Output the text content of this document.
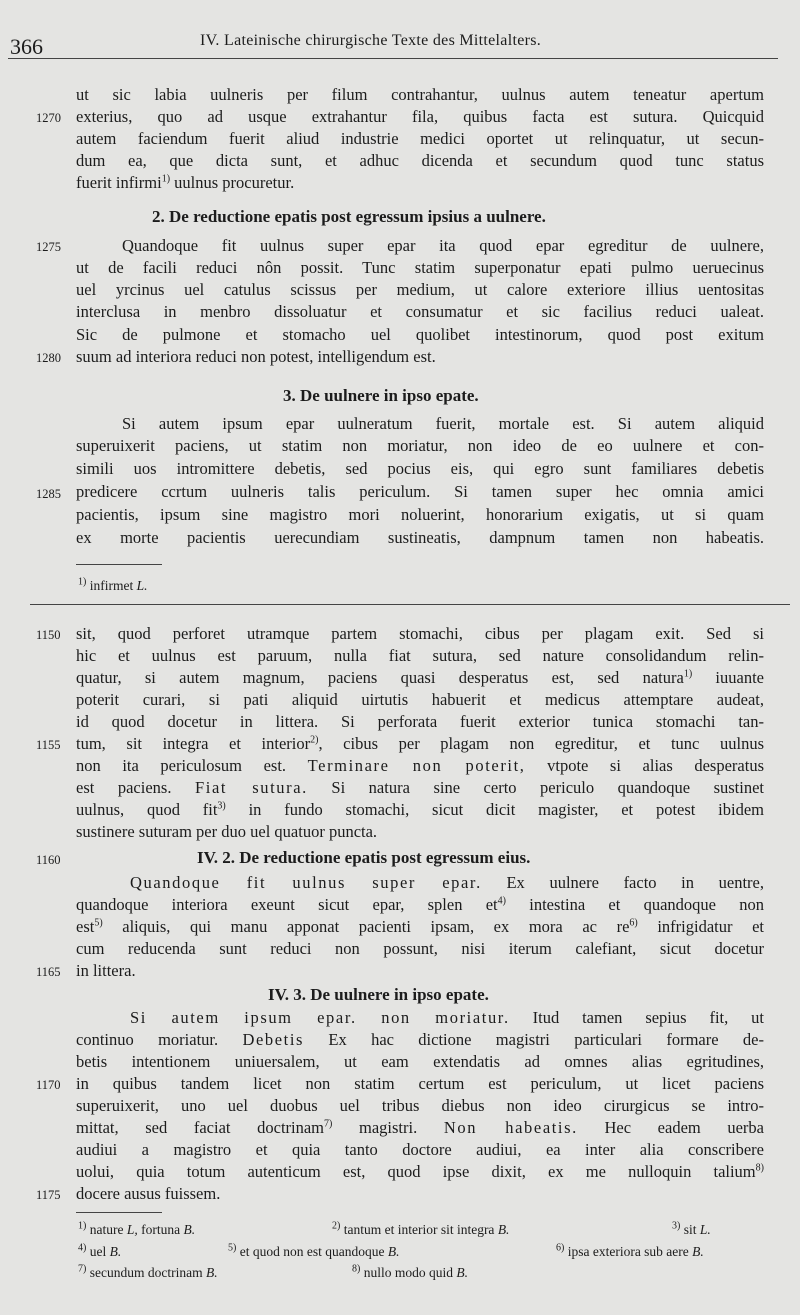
366	IV. Lateinische chirurgische Texte des Mittelalters.
ut sic labia uulneris per filum contrahantur, uulnus autem teneatur apertum
1270 exterius, quo ad usque extrahantur fila, quibus facta est sutura. Quicquid
autem faciendum fuerit aliud industrie medici oportet ut relinquatur, ut secun-
dum ea, que dicta sunt, et adhuc dicenda et secundum quod tunc status
fuerit infirmi$^{1)}$ uulnus procuretur.
2. De reductione epatis post egressum ipsius a uulnere.
1275	Quandoque fit uulnus super epar ita quod epar egreditur de uulnere,
ut de facili reduci nôn possit. Tunc statim superponatur epati pulmo ueruecinus
uel yrcinus uel catulus scissus per medium, ut calore exteriore illius uentositas
interclusa in menbro dissoluatur et consumatur et sic facilius reduci ualeat.
Sic de pulmone et stomacho uel quolibet intestinorum, quod post exitum
1280 suum ad interiora reduci non potest, intelligendum est.
3. De uulnere in ipso epate.
Si autem ipsum epar uulneratum fuerit, mortale est. Si autem aliquid
superuixerit paciens, ut statim non moriatur, non ideo de eo uulnere et con-
simili uos intromittere debetis, sed pocius eis, qui egro sunt familiares debetis
1285 predicere ccrtum uulneris talis periculum. Si tamen super hec omnia amici
pacientis, ipsum sine magistro mori noluerint, honorarium exigatis, ut si quam
ex morte pacientis uerecundiam sustineatis, dampnum tamen non habeatis.
$^{1)}$ infirmet L.
1150 sit, quod perforet utramque partem stomachi, cibus per plagam exit. Sed si
hic et uulnus est paruum, nulla fiat sutura, sed nature consolidandum relin-
quatur, si autem magnum, paciens quasi desperatus est, sed natura$^{1)}$ iuuante
poterit curari, si pati aliquid uirtutis habuerit et medicus attemptare audeat,
id quod docetur in littera. Si perforata fuerit exterior tunica stomachi tan-
1155 tum, sit integra et interior$^{2)}$, cibus per plagam non egreditur, et tunc uulnus
non ita periculosum est. Terminare non poterit, vtpote si alias desperatus
est paciens. Fiat sutura. Si natura sine certo periculo quandoque sustinet
uulnus, quod fit$^{3)}$ in fundo stomachi, sicut dicit magister, et potest ibidem
sustinere suturam per duo uel quatuor puncta.
1160	IV. 2. De reductione epatis post egressum eius.
Quandoque fit uulnus super epar. Ex uulnere facto in uentre,
quandoque interiora exeunt sicut epar, splen $et^{4)}$ intestina et quandoque non
est$^{5)}$ aliquis, qui manu apponat pacienti ipsam, ex mora ac $re^{6)}$ infrigidatur et
cum reducenda sunt reduci non possunt, nisi iterum calefiant, sicut docetur
1165 in littera.
IV. 3. De uulnere in ipso epate.
Si autem ipsum epar. non moriatur. Itud tamen sepius fit, ut
continuo moriatur. Debetis Ex hac dictione magistri particulari formare de-
betis intentionem uniuersalem, ut eam extendatis ad omnes alias egritudines,
1170 in quibus tandem licet non statim certum est periculum, ut licet paciens
superuixerit, uno uel duobus uel tribus diebus non ideo cirurgicus se intro-
mittat, sed faciat doctrinam$^{7)}$ magistri. Non habeatis. Hec eadem uerba
audiui a magistro et quia tanto doctore audiui, ea inter alia conscribere
uolui, quia totum autenticum est, quod ipse dixit, ex me nulloquin talium$^{8)}$
1175 docere ausus fuissem.
$^{1)}$ nature L, fortuna B.	$^{2)}$ tantum et interior sit integra B.	$^{3)}$ sit L.
$^{4)}$ uel B.	$^{5)}$ et quod non est quandoque B.	$^{6)}$ ipsa exteriora sub aere B.
$^{7)}$ secundum doctrinam B.	$^{8)}$ nullo modo quid B.
